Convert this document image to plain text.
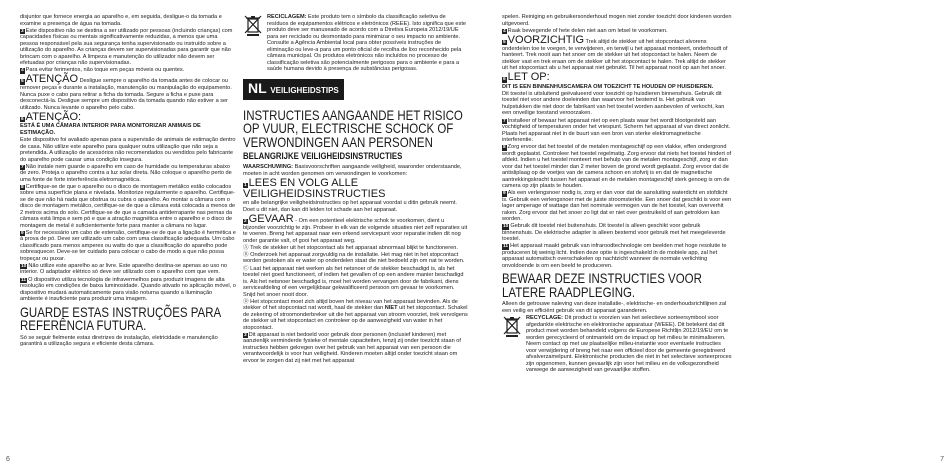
disjuntor que fornece energia ao aparelho e, em seguida, desligue-o da tomada e examine a presença de água na tomada.

3 Este dispositivo não se destina a ser utilizado por pessoas (incluindo crianças) com capacidades físicas ou mentais significativamente reduzidas, a menos que uma pessoa responsável pela sua segurança tenha supervisionado ou instruído sobre a utilização do aparelho. As crianças devem ser supervisionadas para garantir que não brincam com o aparelho. A limpeza e manutenção do utilizador não devem ser efetuadas por crianças não supervisionadas.

4 Para evitar ferimentos, não toque em peças móveis ou quentes.

5 ATENÇÃO Desligue sempre o aparelho da tomada antes de colocar ou remover peças e durante a instalação, manutenção ou manipulação do equipamento. Nunca puxe o cabo para retirar a ficha da tomada. Segure a ficha e puxe para desconectá-la. Desligue sempre um dispositivo da tomada quando não estiver a ser utilizado. Nunca levante o aparelho pelo cabo.

6 ATENÇÃO:

ESTÁ É UMA CÂMARA INTERIOR PARA MONITORIZAR ANIMAIS DE ESTIMAÇÃO.

Este dispositivo foi avaliado apenas para a supervisão de animais de estimação dentro de casa. Não utilize este aparelho para qualquer outra utilização que não seja a pretendida. A utilização de acessórios não recomendados ou vendidos pelo fabricante do aparelho pode causar uma condição insegura.

7 Não instale nem guarde o aparelho em caso de humidade ou temperaturas abaixo de zero. Proteja o aparelho contra a luz solar direta. Não coloque o aparelho perto de uma fonte de forte interferência eletromagnética.

8 Certifique-se de que o aparelho ou o disco de montagem metálico estão colocados sobre uma superfície plana e nivelada. Monitorize regularmente o aparelho. Certifique-se de que não há nada que obstrua ou cubra o aparelho. Ao montar a câmara com o disco de montagem metálico, certifique-se de que a câmara está colocada a menos de 2 metros acima do solo. Certifique-se de que a camada antiderrapante nas pernas da câmara está limpa e sem pó e que a atração magnética entre o aparelho e o disco de montagem de metal é suficientemente forte para manter a câmara no lugar.

9 Se for necessário um cabo de extensão, certifique-se de que a ligação é hermética e à prova de pó. Deve ser utilizado um cabo com uma classificação adequada. Um cabo classificado para menos amperes ou watts do que a classificação do aparelho pode sobreaquecer. Deve-se ter cuidado para colocar o cabo de modo a que não possa tropeçar ou puxar.

10 Não utilize este aparelho ao ar livre. Este aparelho destina-se apenas ao uso no interior. O adaptador elétrico só deve ser utilizado com o aparelho com que vem.

11 O dispositivo utiliza tecnologia de infravermelhos para produzir imagens de alta resolução em condições de baixa luminosidade. Quando ativado no aplicação móvel, o dispositivo mudará automaticamente para visão noturna quando a iluminação ambiente é insuficiente para produzir uma imagem.

GUARDE ESTAS INSTRUÇÕES PARA REFERÊNCIA FUTURA.

Só se seguir fielmente estas diretrizes de instalação, eletricidade e manutenção garantirá a utilização segura e eficiente desta câmara.

RECICLAGEM: Este produto tem o símbolo da classificação seletiva de resíduos de equipamentos elétricos e eletrónicos (REEE). Isto significa que este produto deve ser manuseado de acordo com a Diretiva Europeia 2012/19/UE para ser reciclado ou desmontado para minimizar o seu impacto no ambiente. Consulte a Agência Ambiental local para obter possíveis instruções de eliminação ou leve-a para um ponto oficial de recolha de lixo reconhecido pela câmara municipal. Os produtos eletrónicos não incluídos no processo de classificação seletiva são potencialmente perigosos para o ambiente e para a saúde humana devido à presença de substâncias perigosas.

NL VEILIGHEIDSTIPS
INSTRUCTIES AANGAANDE HET RISICO OP VUUR, ELECTRISCHE SCHOCK OF VERWONDINGEN AAN PERSONEN
BELANGRIJKE VEILIGHEIDSINSTRUCTIES

WAARSCHUWING: Basisvoorschriften aangaande veiligheid, waaronder onderstaande, moeten in acht worden genomen om verwondingen te voorkomen:

1 LEES EN VOLG ALLE VEILIGHEIDSINSTRUCTIES

en alle belangrijke veiligheidsinstructies op het apparaat voordat u ditin gebruik neemt. Doet u dit niet, dan kan dit leiden tot schade aan het apparaat.

2 GEVAAR - Om een potentieel elektrische schok te voorkomen, dient u bijzonder voorzichtig te zijn. Probeer in elk van de volgende situaties niet zelf reparaties uit te voeren. Breng het apparaat naar een erkend servicepunt voor reparatie indien dit nog onder garantie valt, of gooi het apparaat weg.

Ⓐ Trek de stekker uit het stopcontact als het apparaat abnormaal blijkt te functioneren.

Ⓑ Onderzoek het apparaat zorgvuldig na de installatie. Het mag niet in het stopcontact worden gestoken als er water op onderdelen staat die niet bedoeld zijn om nat te worden.

Ⓒ Laat het apparaat niet werken als het netsnoer of de stekker beschadigd is, als het toestel niet goed functioneert, of indien het gevallen of op een andere manier beschadigd is. Als het netsnoer beschadigd is, moet het worden vervangen door de fabrikant, diens serviceafdeling of een vergelijkbaar gekwalificeerd persoon om gevaar te voorkomen. Snijd het snoer nooit door.

Ⓓ Het stopcontact moet zich altijd boven het niveau van het apparaat bevinden. Als de stekker of het stopcontact nat wordt, haal de stekker dan NIET uit het stopcontact. Schakel de zekering of stroomonderbreker uit die het apparaat van stroom voorziet, trek vervolgens de stekker uit het stopcontact en controleer op de aanwezigheid van water in het stopcontact.

3 Dit apparaat is niet bedoeld voor gebruik door personen (inclusief kinderen) met aanzienlijk verminderde fysieke of mentale capaciteiten, tenzij zij onder toezicht staan of instructies hebben gekregen over het gebruik van het apparaat van een persoon die verantwoordelijk is voor hun veiligheid. Kinderen moeten altijd onder toezicht staan om ervoor te zorgen dat zij niet met het apparaat

spelen. Reiniging en gebruikersonderhoud mogen niet zonder toezicht door kinderen worden uitgevoerd.

4 Raak bewegende of hete delen niet aan om letsel te voorkomen.

5 VOORZICHTIG Trek altijd de stekker uit het stopcontact alvorens onderdelen toe te voegen, te verwijderen, en terwijl u het apparaat monteert, onderhoudt of hanteert. Trek nooit aan het snoer om de stekker uit het stopcontact te halen. Neem de stekker vast en trek eraan om de stekker uit het stopcontact te halen. Trek altijd de stekker uit het stopcontact als u het apparaat niet gebruikt. Til het apparaat nooit op aan het snoer.

6 LET OP:

DIT IS EEN BINNENHUISCAMERA OM TOEZICHT TE HOUDEN OP HUISDIEREN.

Dit toestel is uitsluitend geëvalueerd voor toezicht op huisdieren binnenshuis. Gebruik dit toestel niet voor andere doeleinden dan waarvoor het bestemd is. Het gebruik van hulpstukken die niet door de fabrikant van het toestel worden aanbevolen of verkocht, kan een onveilige toestand veroorzaken.

7 Installeer of bewaar het apparaat niet op een plaats waar het wordt blootgesteld aan vochtigheid of temperaturen onder het vriespunt. Scherm het apparaat af van direct zonlicht. Plaats het apparaat niet in de buurt van een bron van sterke elektromagnetische interferentie.

8 Zorg ervoor dat het toestel of de metalen montageschijf op een vlakke, effen ondergrond wordt geplaatst. Controleer het toestel regelmatig. Zorg ervoor dat niets het toestel hindert of afdekt. Indien u het toestel monteert met behulp van de metalen montageschijf, zorg er dan voor dat het toestel minder dan 2 meter boven de grond wordt geplaatst. Zorg ervoor dat de antisliplaag op de voetjes van de camera schoon en stofvrij is en dat de magnetische aantrekkingskracht tussen het apparaat en de metalen montageschijf sterk genoeg is om de camera op zijn plaats te houden.

9 Als een verlengsnoer nodig is, zorg er dan voor dat de aansluiting waterdicht en stofdicht is. Gebruik een verlengsnoer met de juiste stroomsterkte. Een snoer dat geschikt is voor een lager amperage of wattage dan het nominale vermogen van de het toestel, kan oververhit raken. Zorg ervoor dat het snoer zo ligt dat er niet over gestruikeld of aan getrokken kan worden.

10 Gebruik dit toestel niet buitenshuis. Dit toestel is alleen geschikt voor gebruik binnenshuis. De elektrische adapter is alleen bestemd voor gebruik met het meegeleverde toestel.

11 Het apparaat maakt gebruik van infraroodtechnologie om beelden met hoge resolutie te produceren bij weinig licht. Indien deze optie is ingeschakeld in de mobiele app, zal het apparaat automatisch overschakelen op nachtzicht wanneer de normale verlichting onvoldoende is om een beeld te produceren.

BEWAAR DEZE INSTRUCTIES VOOR LATERE RAADPLEGING.

Alleen de getrouwe naleving van deze installatie-, elektrische- en onderhoudsrichtlijnen zal een veilig en efficiënt gebruik van dit apparaat garanderen.

RECYCLAGE: Dit product is voorzien van het selectieve sorteersymbool voor afgedankte elektrische en elektronische apparatuur (WEEE). Dit betekent dat dit product moet worden behandeld volgens de Europese Richtlijn 2012/19/EU om te worden gerecycleerd of ontmanteld om de impact op het milieu te minimaliseren. Neem contact op met uw plaatselijke milieu-instantie voor eventuele instructies voor verwijdering of breng het naar een officieel door de gemeente geregistreerd afvalverzamelpunt. Elektronische producten die niet in het selectieve sorteerproces zijn opgenomen, kunnen gevaarlijk zijn voor het milieu en de volksgezondheid vanwege de aanwezigheid van gevaarlijke stoffen.

6	7
